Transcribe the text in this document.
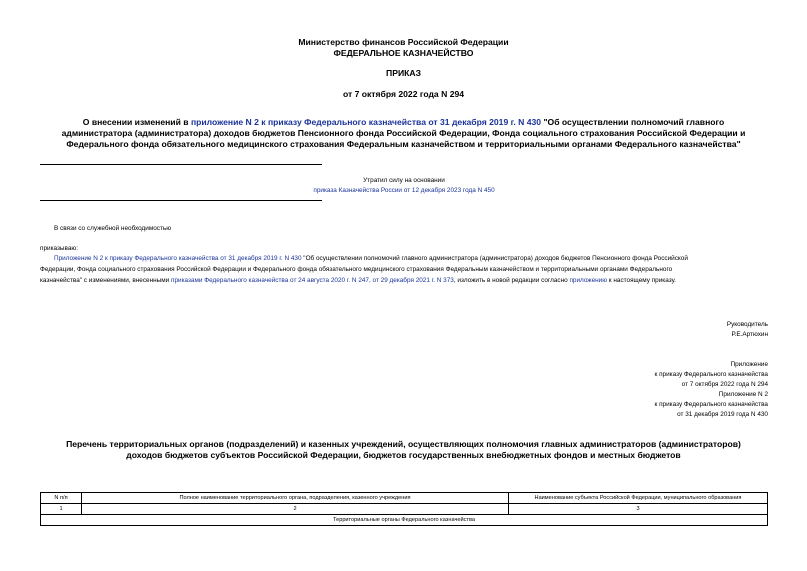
Министерство финансов Российской Федерации
ФЕДЕРАЛЬНОЕ КАЗНАЧЕЙСТВО
ПРИКАЗ
от 7 октября 2022 года N 294
О внесении изменений в приложение N 2 к приказу Федерального казначейства от 31 декабря 2019 г. N 430 "Об осуществлении полномочий главного
администратора (администратора) доходов бюджетов Пенсионного фонда Российской Федерации, Фонда социального страхования Российской Федерации и
Федерального фонда обязательного медицинского страхования Федеральным казначейством и территориальными органами Федерального казначейства"
Утратил силу на основании
приказа Казначейства России от 12 декабря 2023 года N 450
В связи со служебной необходимостью
приказываю:
Приложение N 2 к приказу Федерального казначейства от 31 декабря 2019 г. N 430 "Об осуществлении полномочий главного администратора (администратора) доходов бюджетов Пенсионного фонда Российской
Федерации, Фонда социального страхования Российской Федерации и Федерального фонда обязательного медицинского страхования Федеральным казначейством и территориальными органами Федерального
казначейства" с изменениями, внесенными приказами Федерального казначейства от 24 августа 2020 г. N 247, от 29 декабря 2021 г. N 373, изложить в новой редакции согласно приложению к настоящему приказу.
Руководитель
Р.Е.Артюхин
Приложение
к приказу Федерального казначейства
от 7 октября 2022 года N 294
Приложение N 2
к приказу Федерального казначейства
от 31 декабря 2019 года N 430
Перечень территориальных органов (подразделений) и казенных учреждений, осуществляющих полномочия главных администраторов (администраторов)
доходов бюджетов субъектов Российской Федерации, бюджетов государственных внебюджетных фондов и местных бюджетов
N п/п	Полное наименование территориального органа, подразделения, казенного учреждения	Наименование субъекта Российской Федерации, муниципального образования
1	2	3
Территориальные органы Федерального казначейства		
